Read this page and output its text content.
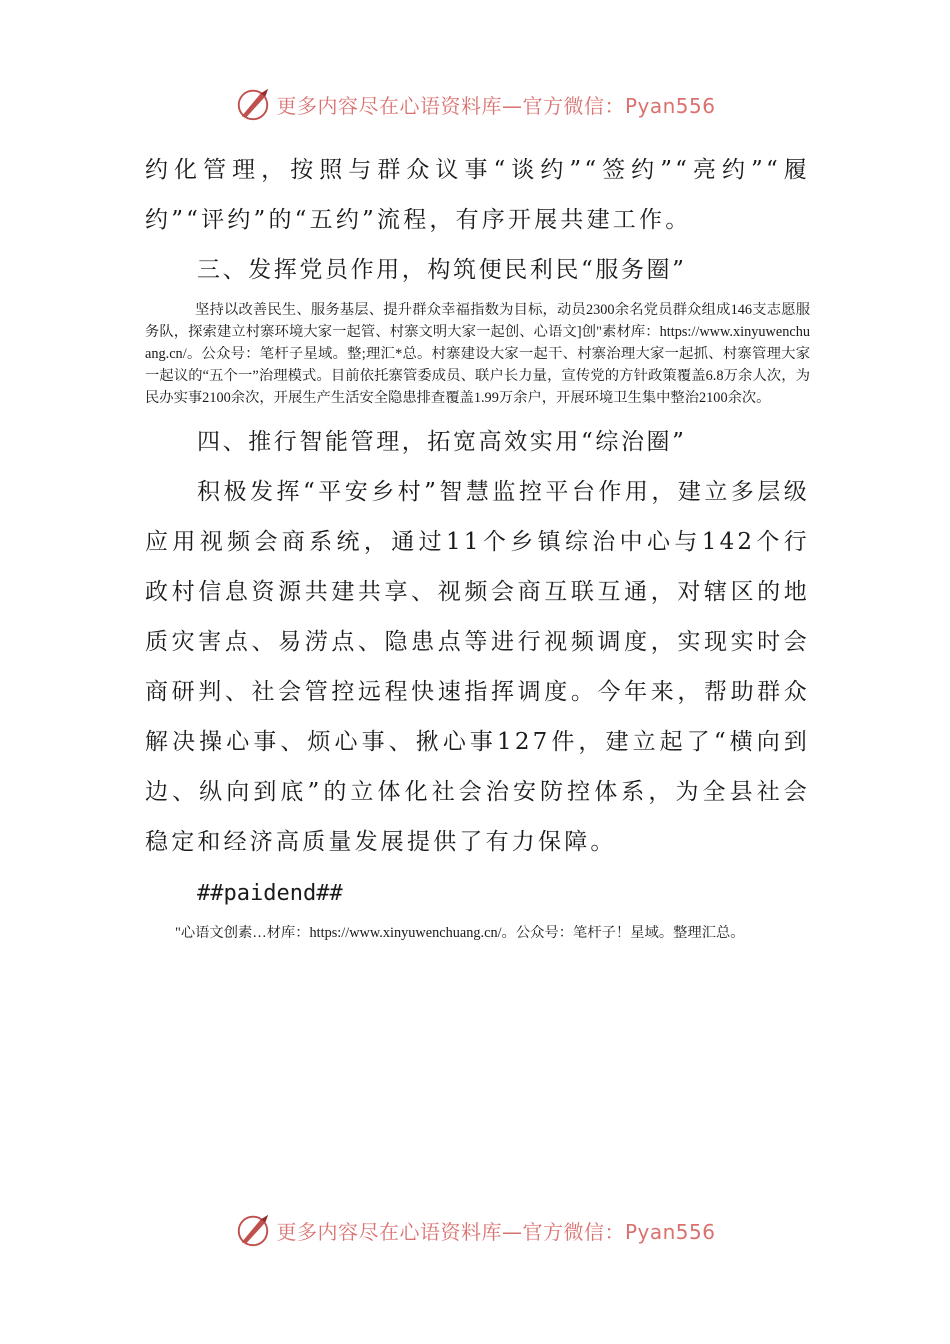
更多内容尽在心语资料库—官方微信：Pyan556

约化管理，按照与群众议事“谈约”“签约”“亮约”“履约”“评约”的“五约”流程，有序开展共建工作。

三、发挥党员作用，构筑便民利民“服务圈”

坚持以改善民生、服务基层、提升群众幸福指数为目标，动员2300余名党员群众组成146支志愿服务队，探索建立村寨环境大家一起管、村寨文明大家一起创、心语文]创"素材库：https://www.xinyuwenchuang.cn/。公众号：笔杆子星域。整;理汇*总。村寨建设大家一起干、村寨治理大家一起抓、村寨管理大家一起议的“五个一”治理模式。目前依托寨管委成员、联户长力量，宣传党的方针政策覆盖6.8万余人次，为民办实事2100余次，开展生产生活安全隐患排查覆盖1.99万余户，开展环境卫生集中整治2100余次。

四、推行智能管理，拓宽高效实用“综治圈”

积极发挥“平安乡村”智慧监控平台作用，建立多层级应用视频会商系统，通过11个乡镇综治中心与142个行政村信息资源共建共享、视频会商互联互通，对辖区的地质灾害点、易涝点、隐患点等进行视频调度，实现实时会商研判、社会管控远程快速指挥调度。今年来，帮助群众解决操心事、烦心事、揪心事127件，建立起了“横向到边、纵向到底”的立体化社会治安防控体系，为全县社会稳定和经济高质量发展提供了有力保障。

##paidend##

"心语文创素…材库：https://www.xinyuwenchuang.cn/。公众号：笔杆子！星域。整理汇总。

更多内容尽在心语资料库—官方微信：Pyan556
